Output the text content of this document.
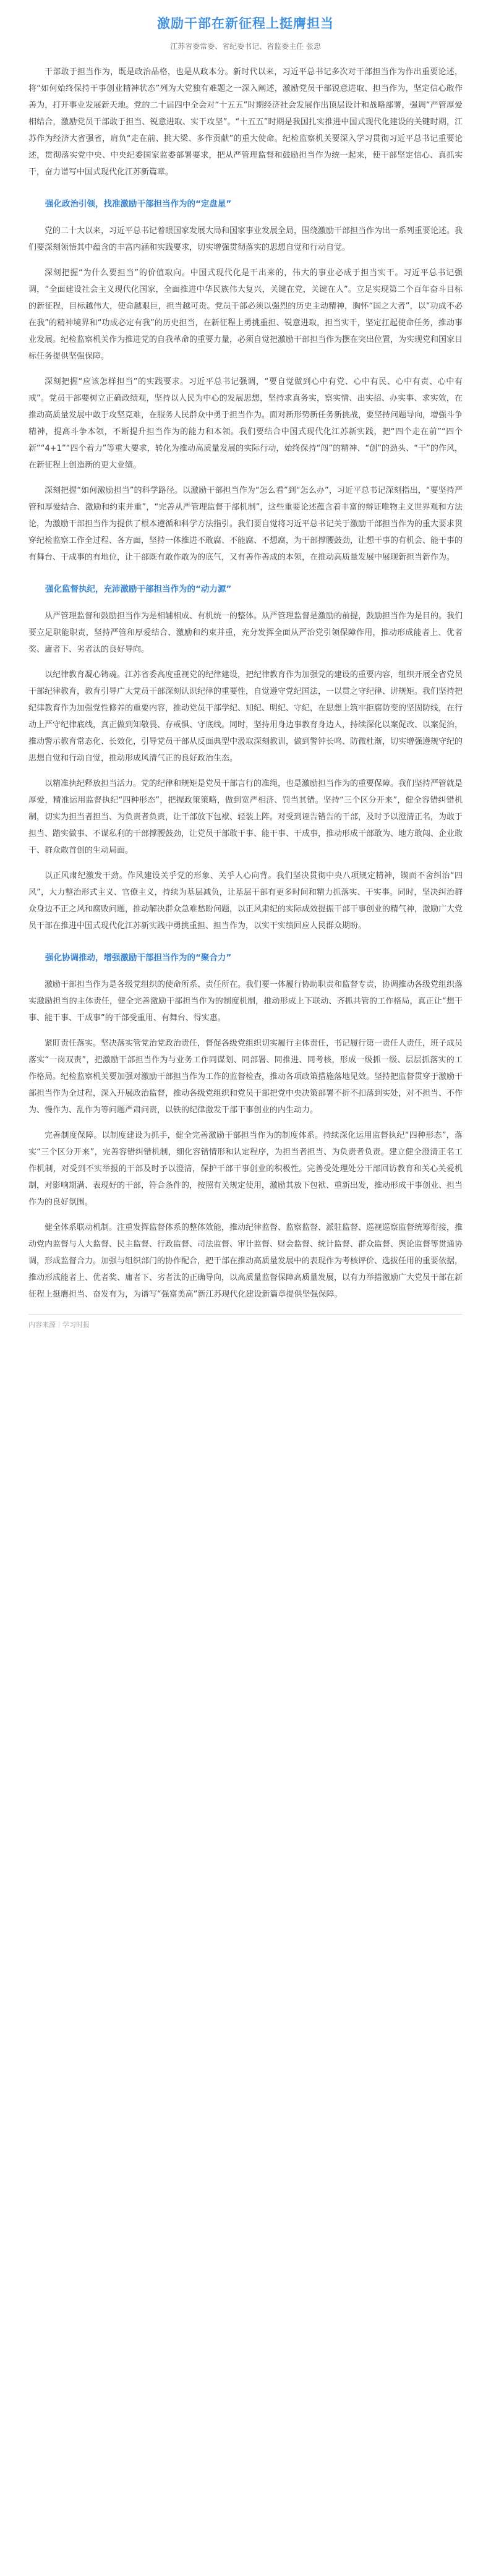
激励干部在新征程上挺膺担当
江苏省委常委、省纪委书记、省监委主任 张忠

干部敢于担当作为，既是政治品格，也是从政本分。新时代以来，习近平总书记多次对干部担当作为作出重要论述，将“如何始终保持干事创业精神状态”列为大党独有难题之一深入阐述，激励党员干部锐意进取、担当作为，坚定信心敢作善为，打开事业发展新天地。党的二十届四中全会对“十五五”时期经济社会发展作出顶层设计和战略部署，强调“严管厚爱相结合，激励党员干部敢于担当、锐意进取、实干攻坚”。“十五五”时期是我国扎实推进中国式现代化建设的关键时期，江苏作为经济大省强省，肩负“走在前、挑大梁、多作贡献”的重大使命。纪检监察机关要深入学习贯彻习近平总书记重要论述，贯彻落实党中央、中央纪委国家监委部署要求，把从严管理监督和鼓励担当作为统一起来，使干部坚定信心、真抓实干，奋力谱写中国式现代化江苏新篇章。

强化政治引领，找准激励干部担当作为的“定盘星”

党的二十大以来，习近平总书记着眼国家发展大局和国家事业发展全局，围绕激励干部担当作为出一系列重要论述。我们要深刻领悟其中蕴含的丰富内涵和实践要求，切实增强贯彻落实的思想自觉和行动自觉。

深刻把握“为什么要担当”的价值取向。中国式现代化是干出来的，伟大的事业必成于担当实干。习近平总书记强调，“全面建设社会主义现代化国家，全面推进中华民族伟大复兴，关键在党，关键在人”。立足实现第二个百年奋斗目标的新征程，目标越伟大，使命越艰巨，担当越可贵。党员干部必须以强烈的历史主动精神，胸怀“国之大者”，以“功成不必在我”的精神境界和“功成必定有我”的历史担当，在新征程上勇挑重担、锐意进取，担当实干，坚定扛起使命任务，推动事业发展。纪检监察机关作为推进党的自我革命的重要力量，必须自觉把激励干部担当作为摆在突出位置，为实现党和国家目标任务提供坚强保障。

深刻把握“应该怎样担当”的实践要求。习近平总书记强调，“要自觉做到心中有党、心中有民、心中有责、心中有戒”。党员干部要树立正确政绩观，坚持以人民为中心的发展思想，坚持求真务实，察实情、出实招、办实事、求实效，在推动高质量发展中敢于攻坚克难，在服务人民群众中勇于担当作为。面对新形势新任务新挑战，要坚持问题导向，增强斗争精神，提高斗争本领，不断提升担当作为的能力和本领。我们要结合中国式现代化江苏新实践，把“四个走在前”“四个新”“4+1”“四个着力”等重大要求，转化为推动高质量发展的实际行动，始终保持“闯”的精神、“创”的劲头、“干”的作风，在新征程上创造新的更大业绩。

深刻把握“如何激励担当”的科学路径。以激励干部担当作为“怎么看”到“怎么办”，习近平总书记深刻指出，“要坚持严管和厚爱结合、激励和约束并重”，“完善从严管理监督干部机制”，这些重要论述蕴含着丰富的辩证唯物主义世界观和方法论，为激励干部担当作为提供了根本遵循和科学方法指引。我们要自觉将习近平总书记关于激励干部担当作为的重大要求贯穿纪检监察工作全过程、各方面，坚持一体推进不敢腐、不能腐、不想腐，为干部撑腰鼓劲，让想干事的有机会、能干事的有舞台、干成事的有地位，让干部既有敢作敢为的底气，又有善作善成的本领，在推动高质量发展中展现新担当新作为。

强化监督执纪，充沛激励干部担当作为的“动力源”

从严管理监督和鼓励担当作为是相辅相成、有机统一的整体。从严管理监督是激励的前提，鼓励担当作为是目的。我们要立足职能职责，坚持严管和厚爱结合、激励和约束并重，充分发挥全面从严治党引领保障作用，推动形成能者上、优者奖、庸者下、劣者汰的良好导向。

以纪律教育凝心铸魂。江苏省委高度重视党的纪律建设，把纪律教育作为加强党的建设的重要内容，组织开展全省党员干部纪律教育，教育引导广大党员干部深刻认识纪律的重要性，自觉遵守党纪国法，一以贯之守纪律、讲规矩。我们坚持把纪律教育作为加强党性修养的重要内容，推动党员干部学纪、知纪、明纪、守纪，在思想上筑牢拒腐防变的坚固防线，在行动上严守纪律底线，真正做到知敬畏、存戒惧、守底线。同时，坚持用身边事教育身边人，持续深化以案促改、以案促治，推动警示教育常态化、长效化，引导党员干部从反面典型中汲取深刻教训，做到警钟长鸣、防微杜渐，切实增强遵规守纪的思想自觉和行动自觉，推动形成风清气正的良好政治生态。

以精准执纪释放担当活力。党的纪律和规矩是党员干部言行的准绳，也是激励担当作为的重要保障。我们坚持严管就是厚爱，精准运用监督执纪“四种形态”，把握政策策略，做到宽严相济、罚当其错。坚持“三个区分开来”，健全容错纠错机制，切实为担当者担当、为负责者负责，让干部放下包袱、轻装上阵。对受到诬告错告的干部，及时予以澄清正名，为敢于担当、踏实做事、不谋私利的干部撑腰鼓劲，让党员干部敢干事、能干事、干成事，推动形成干部敢为、地方敢闯、企业敢干、群众敢首创的生动局面。

以正风肃纪激发干劲。作风建设关乎党的形象、关乎人心向背。我们坚决贯彻中央八项规定精神，锲而不舍纠治“四风”，大力整治形式主义、官僚主义，持续为基层减负，让基层干部有更多时间和精力抓落实、干实事。同时，坚决纠治群众身边不正之风和腐败问题，推动解决群众急难愁盼问题，以正风肃纪的实际成效提振干部干事创业的精气神，激励广大党员干部在推进中国式现代化江苏新实践中勇挑重担、担当作为，以实干实绩回应人民群众期盼。

强化协调推动，增强激励干部担当作为的“聚合力”

激励干部担当作为是各级党组织的使命所系、责任所在。我们要一体履行协助职责和监督专责，协调推动各级党组织落实激励担当的主体责任，健全完善激励干部担当作为的制度机制，推动形成上下联动、齐抓共管的工作格局，真正让“想干事、能干事、干成事”的干部受重用、有舞台、得实惠。

紧盯责任落实。坚决落实管党治党政治责任，督促各级党组织切实履行主体责任，书记履行第一责任人责任，班子成员落实“一岗双责”，把激励干部担当作为与业务工作同谋划、同部署、同推进、同考核，形成一级抓一级、层层抓落实的工作格局。纪检监察机关要加强对激励干部担当作为工作的监督检查，推动各项政策措施落地见效。坚持把监督贯穿于激励干部担当作为全过程，深入开展政治监督，推动各级党组织和党员干部把党中央决策部署不折不扣落到实处，对不担当、不作为、慢作为、乱作为等问题严肃问责，以铁的纪律激发干部干事创业的内生动力。

完善制度保障。以制度建设为抓手，健全完善激励干部担当作为的制度体系。持续深化运用监督执纪“四种形态”，落实“三个区分开来”，完善容错纠错机制，细化容错情形和认定程序，为担当者担当、为负责者负责。建立健全澄清正名工作机制，对受到不实举报的干部及时予以澄清，保护干部干事创业的积极性。完善受处理处分干部回访教育和关心关爱机制，对影响期满、表现好的干部，符合条件的，按照有关规定使用，激励其放下包袱、重新出发，推动形成干事创业、担当作为的良好氛围。

健全体系联动机制。注重发挥监督体系的整体效能，推动纪律监督、监察监督、派驻监督、巡视巡察监督统筹衔接，推动党内监督与人大监督、民主监督、行政监督、司法监督、审计监督、财会监督、统计监督、群众监督、舆论监督等贯通协调，形成监督合力。加强与组织部门的协作配合，把干部在推动高质量发展中的表现作为考核评价、选拔任用的重要依据，推动形成能者上、优者奖、庸者下、劣者汰的正确导向，以高质量监督保障高质量发展，以有力举措激励广大党员干部在新征程上挺膺担当、奋发有为，为谱写“强富美高”新江苏现代化建设新篇章提供坚强保障。

内容来源｜学习时报
